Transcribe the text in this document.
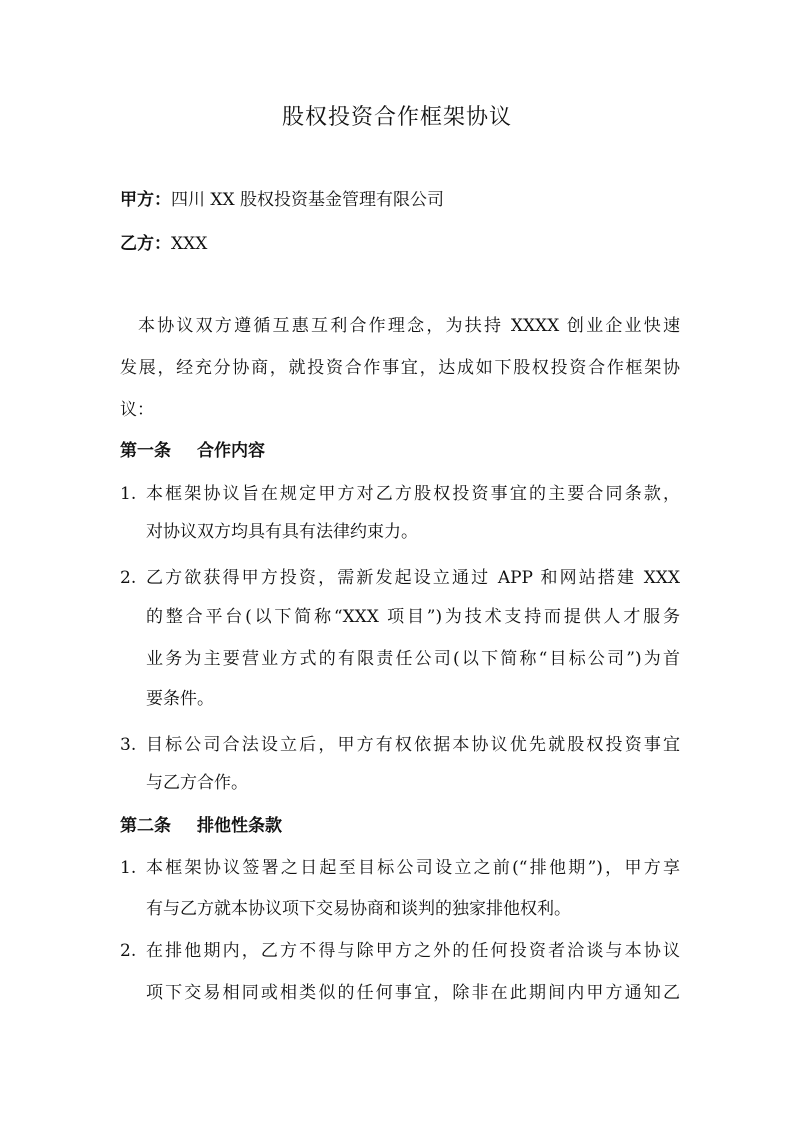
股权投资合作框架协议
甲方：四川 XX 股权投资基金管理有限公司
乙方：XXX
本协议双方遵循互惠互利合作理念，为扶持 XXXX 创业企业快速
发展，经充分协商，就投资合作事宜，达成如下股权投资合作框架协
议：
第一条 合作内容
1. 本框架协议旨在规定甲方对乙方股权投资事宜的主要合同条款，
对协议双方均具有具有法律约束力。
2. 乙方欲获得甲方投资，需新发起设立通过 APP 和网站搭建 XXX
的整合平台(以下简称“XXX 项目”)为技术支持而提供人才服务
业务为主要营业方式的有限责任公司(以下简称“目标公司”)为首
要条件。
3. 目标公司合法设立后，甲方有权依据本协议优先就股权投资事宜
与乙方合作。
第二条 排他性条款
1. 本框架协议签署之日起至目标公司设立之前(“排他期”)，甲方享
有与乙方就本协议项下交易协商和谈判的独家排他权利。
2. 在排他期内，乙方不得与除甲方之外的任何投资者洽谈与本协议
项下交易相同或相类似的任何事宜，除非在此期间内甲方通知乙
